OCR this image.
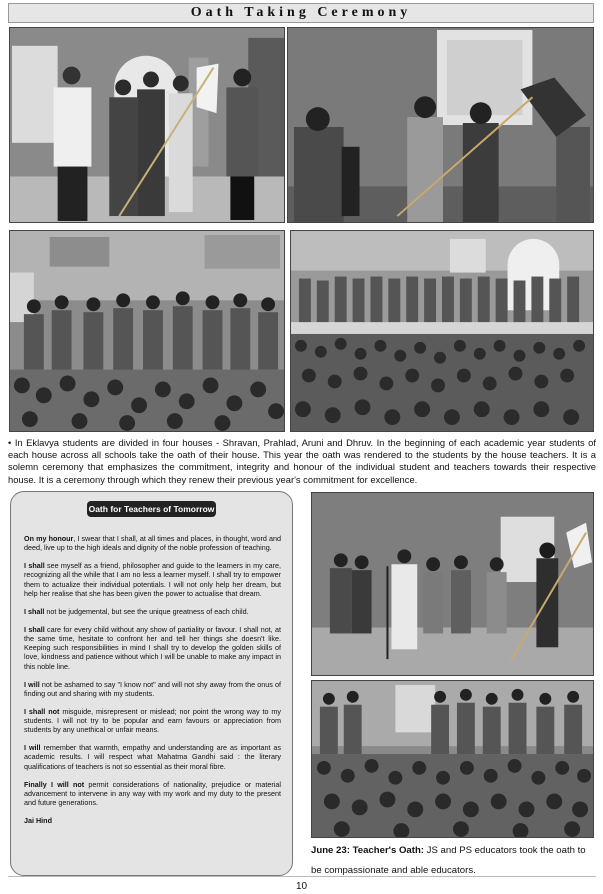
Oath Taking Ceremony

• In Eklavya students are divided in four houses - Shravan, Prahlad, Aruni and Dhruv. In the beginning of each academic year students of each house across all schools take the oath of their house. This year the oath was rendered to the students by the house teachers. It is a solemn ceremony that emphasizes the commitment, integrity and honour of the individual student and teachers towards their respective house. It is a ceremony through which they renew their previous year's commitment for excellence.

Oath for Teachers of Tomorrow

On my honour, I swear that I shall, at all times and places, in thought, word and deed, live up to the high ideals and dignity of the noble profession of teaching.

I shall see myself as a friend, philosopher and guide to the learners in my care, recognizing all the while that I am no less a learner myself. I shall try to empower them to actualize their individual potentials. I will not only help her dream, but help her realise that she has been given the power to actualise that dream.

I shall not be judgemental, but see the unique greatness of each child.

I shall care for every child without any show of partiality or favour. I shall not, at the same time, hesitate to confront her and tell her things she doesn't like. Keeping such responsibilities in mind I shall try to develop the golden skills of love, kindness and patience without which I will be unable to make any impact in this noble line.

I will not be ashamed to say "I know not" and will not shy away from the onus of finding out and sharing with my students.

I shall not misguide, misrepresent or mislead; nor point the wrong way to my students. I will not try to be popular and earn favours or appreciation from students by any unethical or unfair means.

I will remember that warmth, empathy and understanding are as important as academic results. I will respect what Mahatma Gandhi said : the literary qualifications of teachers is not so essential as their moral fibre.

Finally I will not permit considerations of nationality, prejudice or material advancement to intervene in any way with my work and my duty to the present and future generations.

Jai Hind

June 23: Teacher's Oath: JS and PS educators took the oath to be compassionate and able educators.

10
